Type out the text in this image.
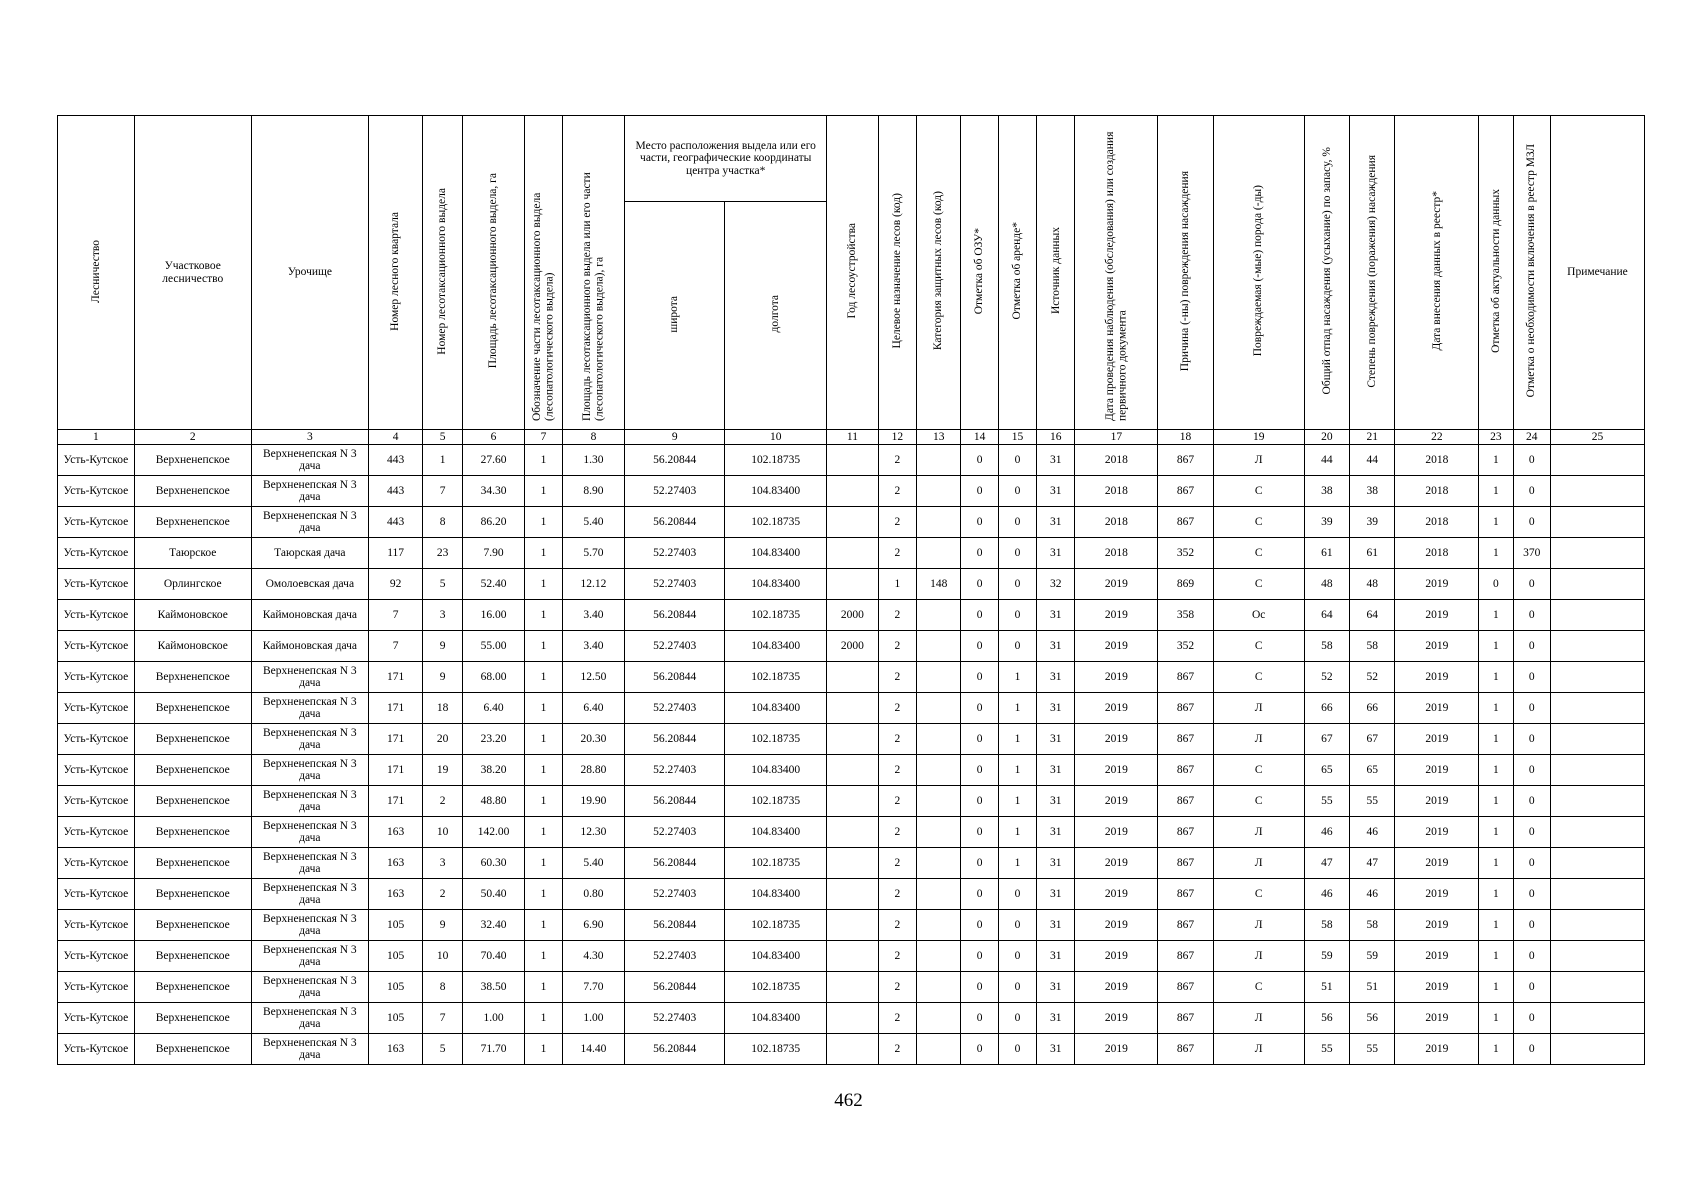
Лесничество	Участковое лесничество	Урочище	Номер лесного квартала	Номер лесотаксационного выдела	Площадь лесотаксационного выдела, га	Обозначение части лесотаксационного выдела (лесопатологического выдела)	Площадь лесотаксационного выдела или его части (лесопатологического выдела), га	Место расположения выдела или его части, географические координаты центра участка*		Год лесоустройства	Целевое назначение лесов (код)	Категория защитных лесов (код)	Отметка об ОЗУ*	Отметка об аренде*	Источник данных	Дата проведения наблюдения (обследования) или создания первичного документа	Причина (-ны) повреждения насаждения	Повреждаемая (-мые) порода (-ды)	Общий отпад насаждения (усыхание) по запасу, %	Степень повреждения (поражения) насаждения	Дата внесения данных в реестр*	Отметка об актуальности данных	Отметка о необходимости включения в реестр МЗЛ	Примечание
								широта	долгота															
1	2	3	4	5	6	7	8	9	10	11	12	13	14	15	16	17	18	19	20	21	22	23	24	25
Усть-Кутское	Верхненепское	Верхненепская N 3 дача	443	1	27.60	1	1.30	56.20844	102.18735		2		0	0	31	2018	867	Л	44	44	2018	1	0	
Усть-Кутское	Верхненепское	Верхненепская N 3 дача	443	7	34.30	1	8.90	52.27403	104.83400		2		0	0	31	2018	867	С	38	38	2018	1	0	
Усть-Кутское	Верхненепское	Верхненепская N 3 дача	443	8	86.20	1	5.40	56.20844	102.18735		2		0	0	31	2018	867	С	39	39	2018	1	0	
Усть-Кутское	Таюрское	Таюрская дача	117	23	7.90	1	5.70	52.27403	104.83400		2		0	0	31	2018	352	С	61	61	2018	1	370	
Усть-Кутское	Орлингское	Омолоевская дача	92	5	52.40	1	12.12	52.27403	104.83400		1	148	0	0	32	2019	869	С	48	48	2019	0	0	
Усть-Кутское	Каймоновское	Каймоновская дача	7	3	16.00	1	3.40	56.20844	102.18735	2000	2		0	0	31	2019	358	Ос	64	64	2019	1	0	
Усть-Кутское	Каймоновское	Каймоновская дача	7	9	55.00	1	3.40	52.27403	104.83400	2000	2		0	0	31	2019	352	С	58	58	2019	1	0	
Усть-Кутское	Верхненепское	Верхненепская N 3 дача	171	9	68.00	1	12.50	56.20844	102.18735		2		0	1	31	2019	867	С	52	52	2019	1	0	
Усть-Кутское	Верхненепское	Верхненепская N 3 дача	171	18	6.40	1	6.40	52.27403	104.83400		2		0	1	31	2019	867	Л	66	66	2019	1	0	
Усть-Кутское	Верхненепское	Верхненепская N 3 дача	171	20	23.20	1	20.30	56.20844	102.18735		2		0	1	31	2019	867	Л	67	67	2019	1	0	
Усть-Кутское	Верхненепское	Верхненепская N 3 дача	171	19	38.20	1	28.80	52.27403	104.83400		2		0	1	31	2019	867	С	65	65	2019	1	0	
Усть-Кутское	Верхненепское	Верхненепская N 3 дача	171	2	48.80	1	19.90	56.20844	102.18735		2		0	1	31	2019	867	С	55	55	2019	1	0	
Усть-Кутское	Верхненепское	Верхненепская N 3 дача	163	10	142.00	1	12.30	52.27403	104.83400		2		0	1	31	2019	867	Л	46	46	2019	1	0	
Усть-Кутское	Верхненепское	Верхненепская N 3 дача	163	3	60.30	1	5.40	56.20844	102.18735		2		0	1	31	2019	867	Л	47	47	2019	1	0	
Усть-Кутское	Верхненепское	Верхненепская N 3 дача	163	2	50.40	1	0.80	52.27403	104.83400		2		0	0	31	2019	867	С	46	46	2019	1	0	
Усть-Кутское	Верхненепское	Верхненепская N 3 дача	105	9	32.40	1	6.90	56.20844	102.18735		2		0	0	31	2019	867	Л	58	58	2019	1	0	
Усть-Кутское	Верхненепское	Верхненепская N 3 дача	105	10	70.40	1	4.30	52.27403	104.83400		2		0	0	31	2019	867	Л	59	59	2019	1	0	
Усть-Кутское	Верхненепское	Верхненепская N 3 дача	105	8	38.50	1	7.70	56.20844	102.18735		2		0	0	31	2019	867	С	51	51	2019	1	0	
Усть-Кутское	Верхненепское	Верхненепская N 3 дача	105	7	1.00	1	1.00	52.27403	104.83400		2		0	0	31	2019	867	Л	56	56	2019	1	0	
Усть-Кутское	Верхненепское	Верхненепская N 3 дача	163	5	71.70	1	14.40	56.20844	102.18735		2		0	0	31	2019	867	Л	55	55	2019	1	0	
462
